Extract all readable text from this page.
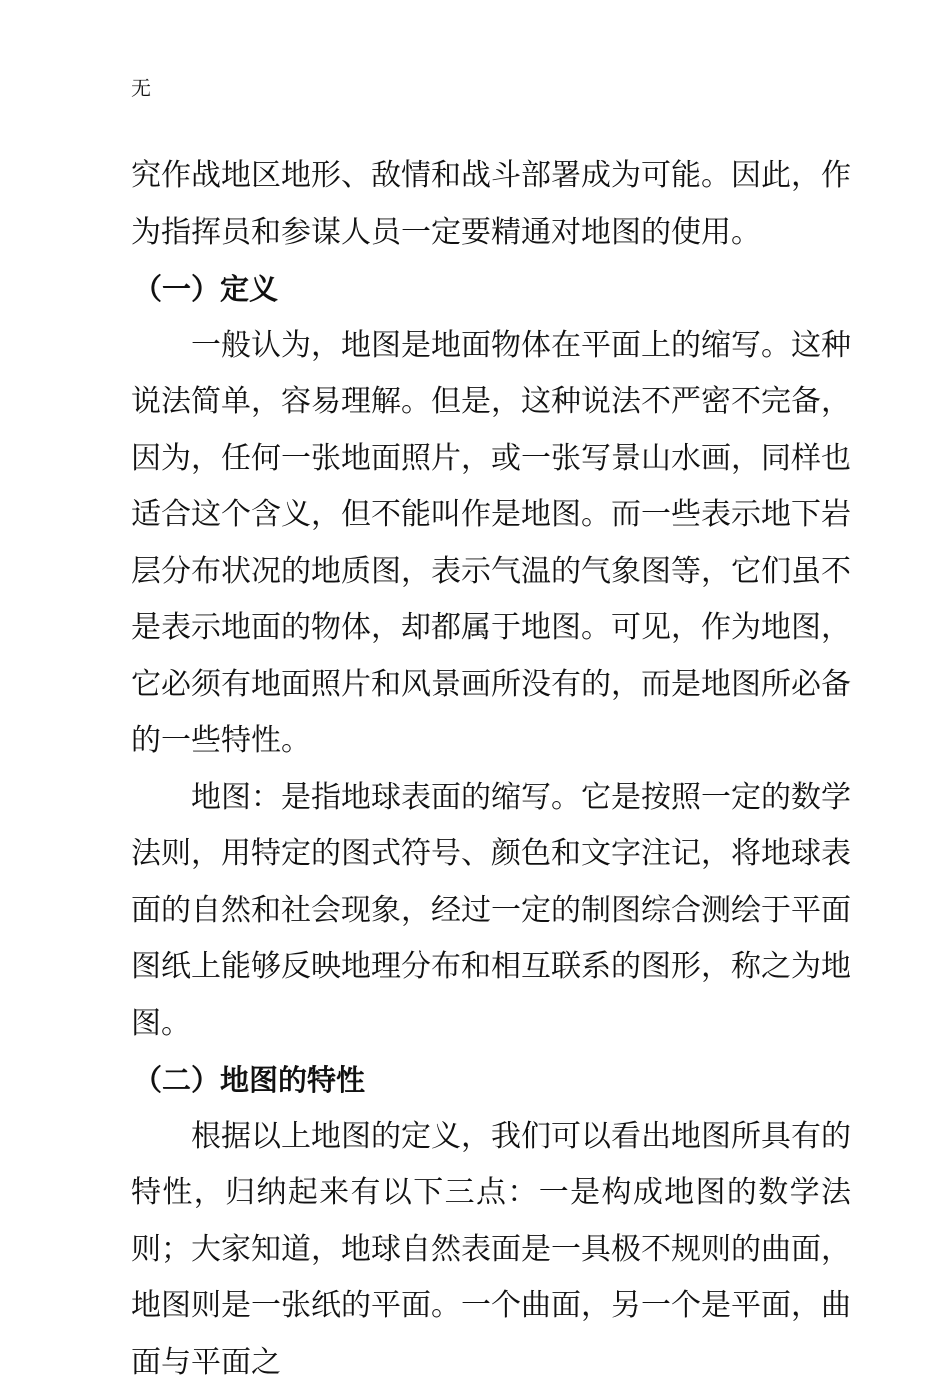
无

究作战地区地形、敌情和战斗部署成为可能。因此，作为指挥员和参谋人员一定要精通对地图的使用。

（一）定义

一般认为，地图是地面物体在平面上的缩写。这种说法简单，容易理解。但是，这种说法不严密不完备，因为，任何一张地面照片，或一张写景山水画，同样也适合这个含义，但不能叫作是地图。而一些表示地下岩层分布状况的地质图，表示气温的气象图等，它们虽不是表示地面的物体，却都属于地图。可见，作为地图，它必须有地面照片和风景画所没有的，而是地图所必备的一些特性。

地图：是指地球表面的缩写。它是按照一定的数学法则，用特定的图式符号、颜色和文字注记，将地球表面的自然和社会现象，经过一定的制图综合测绘于平面图纸上能够反映地理分布和相互联系的图形，称之为地图。

（二）地图的特性

根据以上地图的定义，我们可以看出地图所具有的特性，归纳起来有以下三点：一是构成地图的数学法则；大家知道，地球自然表面是一具极不规则的曲面，地图则是一张纸的平面。一个曲面，另一个是平面，曲面与平面之
